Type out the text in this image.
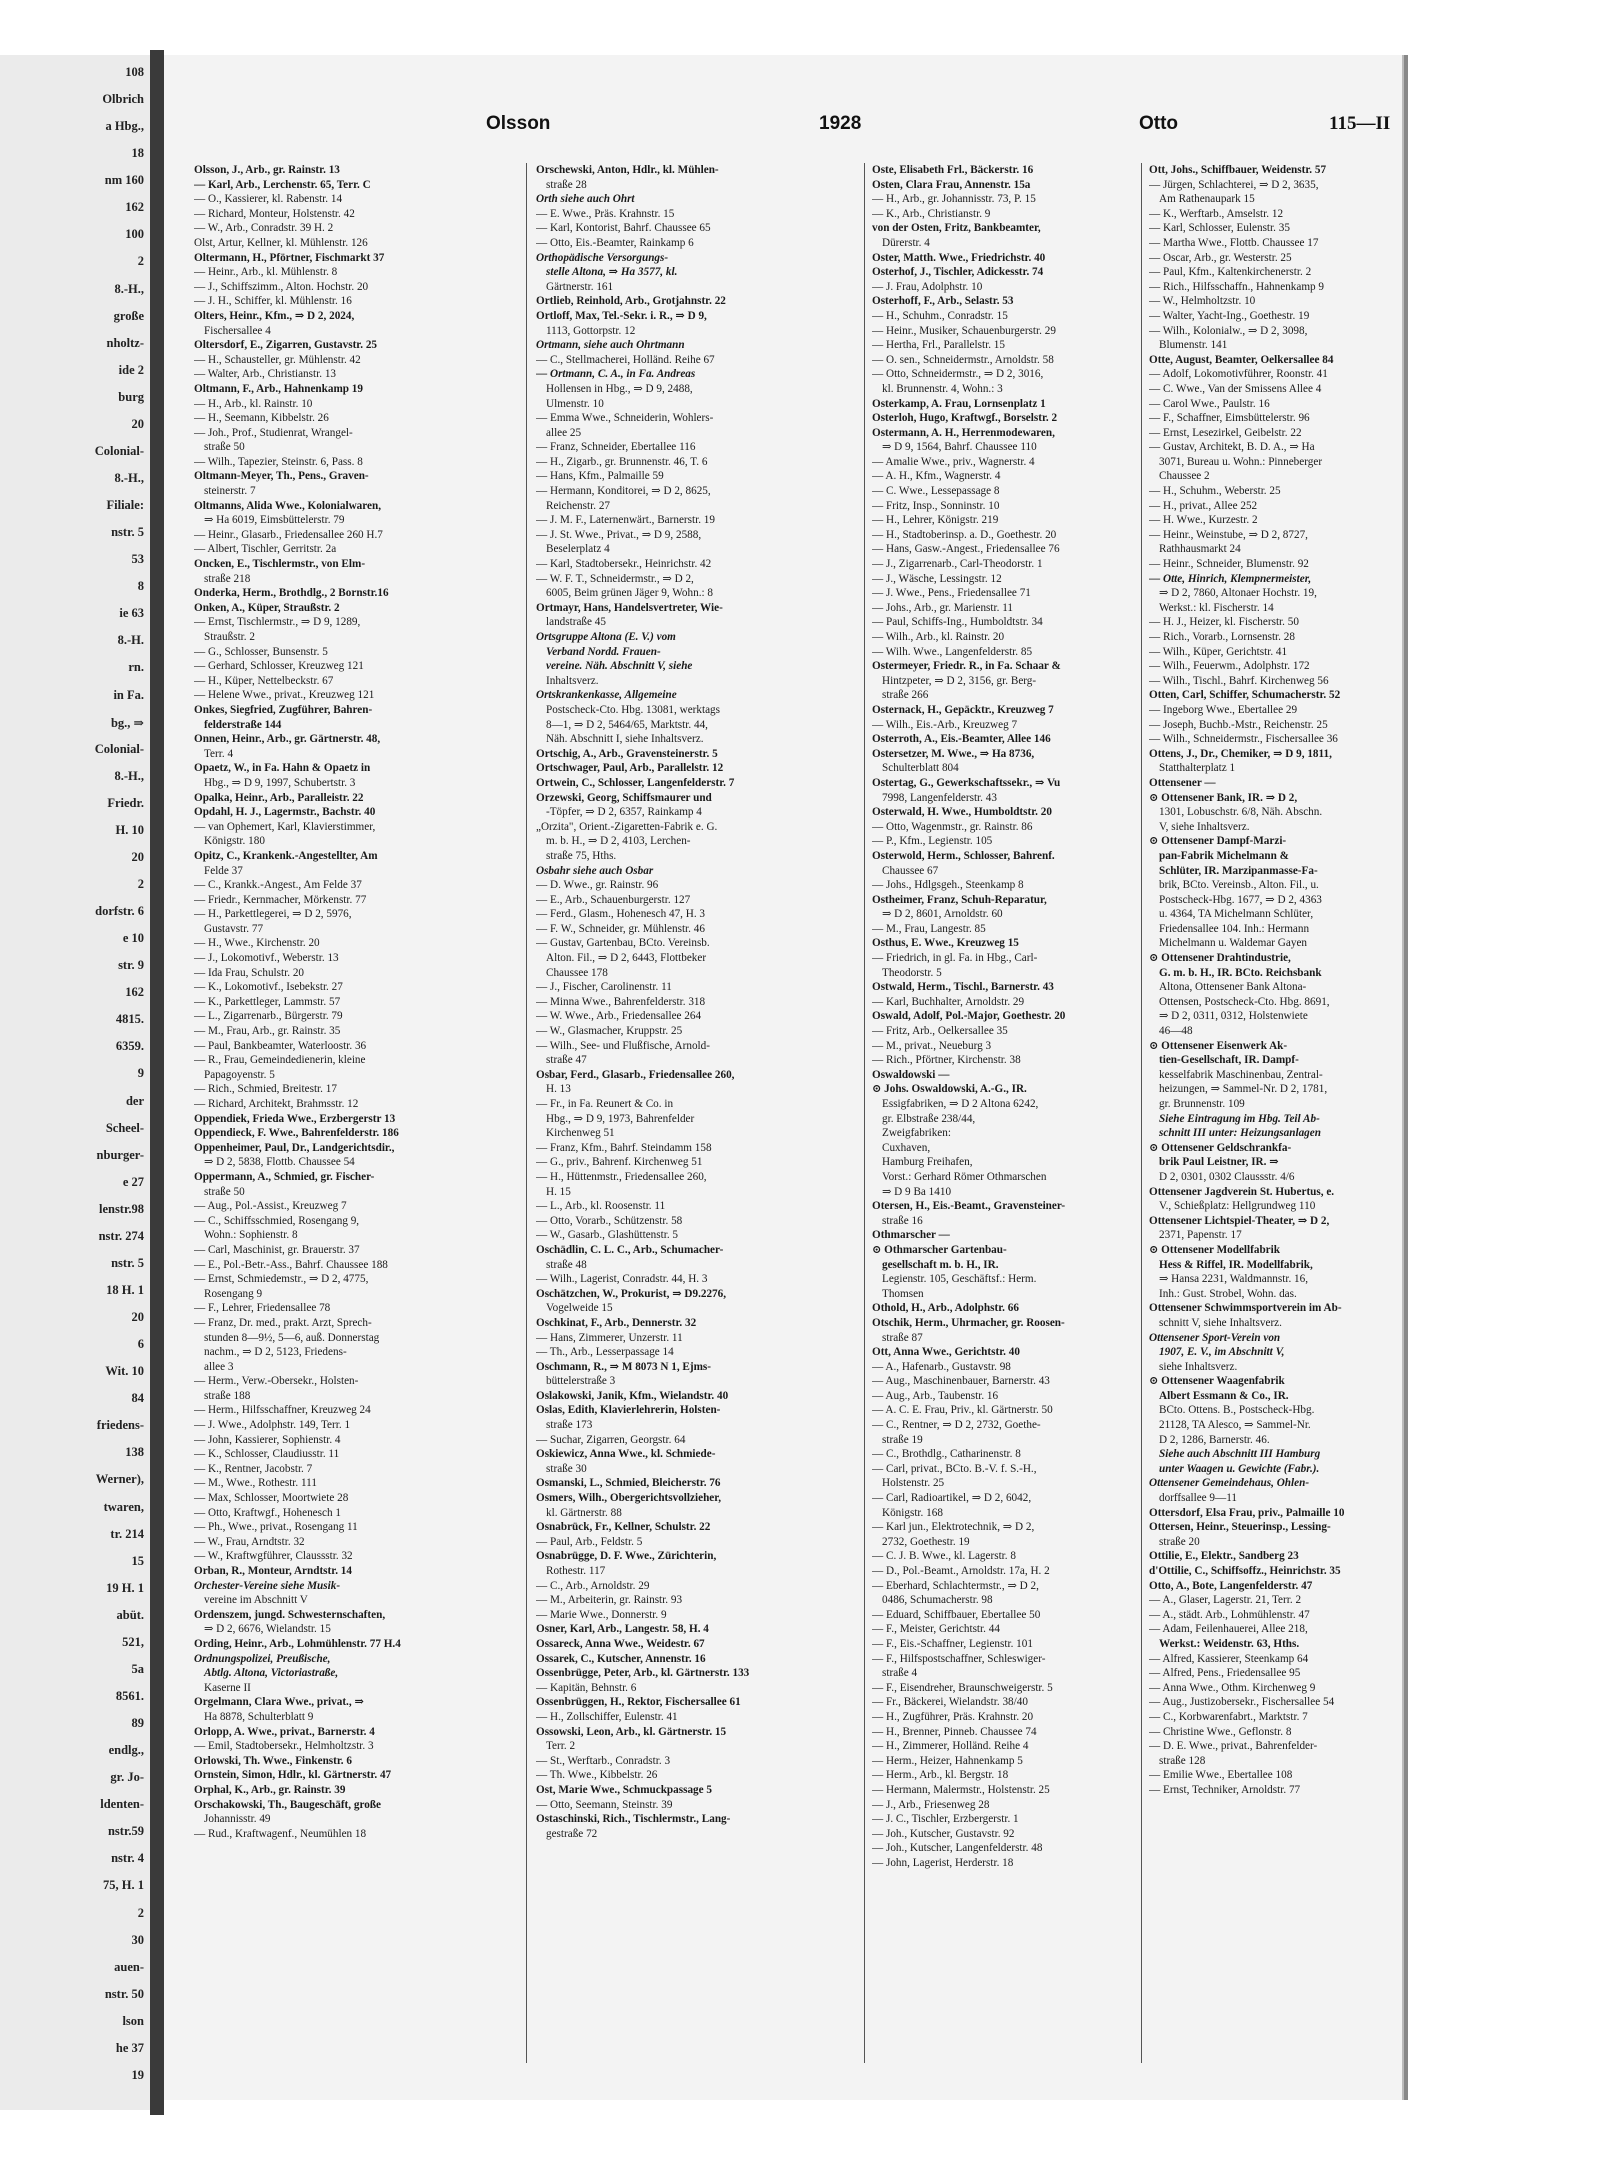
108
Olbrich
a Hbg.,
18
nm 160
162
100
2
8.-H.,
große
nholtz-
ide 2
burg
20
Colonial-
8.-H.,
Filiale:
nstr. 5
53
8
ie 63
8.-H.
rn.
in Fa.
bg., ⇒
Colonial-
8.-H.,
Friedr.
H. 10
20
2
dorfstr. 6
e 10
str. 9
162
4815.
6359.
9
der
Scheel-
nburger-
e 27
lenstr.98
nstr. 274
nstr. 5
18 H. 1
20
6
Wit. 10
84
friedens-
138
Werner),
twaren,
tr. 214
15
19 H. 1
abüt.
521,
5a
8561.
89
endlg.,
gr. Jo-
ldenten-
nstr.59
nstr. 4
75, H. 1
2
30
auen-
nstr. 50
lson
he 37
19
Olsson	1928	Otto	115—II
Olsson, J., Arb., gr. Rainstr. 13
— Karl, Arb., Lerchenstr. 65, Terr. C
— O., Kassierer, kl. Rabenstr. 14
— Richard, Monteur, Holstenstr. 42
— W., Arb., Conradstr. 39 H. 2
Olst, Artur, Kellner, kl. Mühlenstr. 126
Oltermann, H., Pförtner, Fischmarkt 37
— Heinr., Arb., kl. Mühlenstr. 8
— J., Schiffszimm., Alton. Hochstr. 20
— J. H., Schiffer, kl. Mühlenstr. 16
Olters, Heinr., Kfm., ⇒ D 2, 2024,
Fischersallee 4
Oltersdorf, E., Zigarren, Gustavstr. 25
— H., Schausteller, gr. Mühlenstr. 42
— Walter, Arb., Christianstr. 13
Oltmann, F., Arb., Hahnenkamp 19
— H., Arb., kl. Rainstr. 10
— H., Seemann, Kibbelstr. 26
— Joh., Prof., Studienrat, Wrangel-
straße 50
— Wilh., Tapezier, Steinstr. 6, Pass. 8
Oltmann-Meyer, Th., Pens., Graven-
steinerstr. 7
Oltmanns, Alida Wwe., Kolonialwaren,
⇒ Ha 6019, Eimsbüttelerstr. 79
— Heinr., Glasarb., Friedensallee 260 H.7
— Albert, Tischler, Gerritstr. 2a
Oncken, E., Tischlermstr., von Elm-
straße 218
Onderka, Herm., Brothdlg., 2 Bornstr.16
Onken, A., Küper, Straußstr. 2
— Ernst, Tischlermstr., ⇒ D 9, 1289,
Straußstr. 2
— G., Schlosser, Bunsenstr. 5
— Gerhard, Schlosser, Kreuzweg 121
— H., Küper, Nettelbeckstr. 67
— Helene Wwe., privat., Kreuzweg 121
Onkes, Siegfried, Zugführer, Bahren-
felderstraße 144
Onnen, Heinr., Arb., gr. Gärtnerstr. 48,
Terr. 4
Opaetz, W., in Fa. Hahn & Opaetz in
Hbg., ⇒ D 9, 1997, Schubertstr. 3
Opalka, Heinr., Arb., Paralleistr. 22
Opdahl, H. J., Lagermstr., Bachstr. 40
— van Ophemert, Karl, Klavierstimmer,
Königstr. 180
Opitz, C., Krankenk.-Angestellter, Am
Felde 37
— C., Krankk.-Angest., Am Felde 37
— Friedr., Kernmacher, Mörkenstr. 77
— H., Parkettlegerei, ⇒ D 2, 5976,
Gustavstr. 77
— H., Wwe., Kirchenstr. 20
— J., Lokomotivf., Weberstr. 13
— Ida Frau, Schulstr. 20
— K., Lokomotivf., Isebekstr. 27
— K., Parkettleger, Lammstr. 57
— L., Zigarrenarb., Bürgerstr. 79
— M., Frau, Arb., gr. Rainstr. 35
— Paul, Bankbeamter, Waterloostr. 36
— R., Frau, Gemeindedienerin, kleine
Papagoyenstr. 5
— Rich., Schmied, Breitestr. 17
— Richard, Architekt, Brahmsstr. 12
Oppendiek, Frieda Wwe., Erzbergerstr 13
Oppendieck, F. Wwe., Bahrenfelderstr. 186
Oppenheimer, Paul, Dr., Landgerichtsdir.,
⇒ D 2, 5838, Flottb. Chaussee 54
Oppermann, A., Schmied, gr. Fischer-
straße 50
— Aug., Pol.-Assist., Kreuzweg 7
— C., Schiffsschmied, Rosengang 9,
Wohn.: Sophienstr. 8
— Carl, Maschinist, gr. Brauerstr. 37
— E., Pol.-Betr.-Ass., Bahrf. Chaussee 188
— Ernst, Schmiedemstr., ⇒ D 2, 4775,
Rosengang 9
— F., Lehrer, Friedensallee 78
— Franz, Dr. med., prakt. Arzt, Sprech-
stunden 8—9½, 5—6, auß. Donnerstag
nachm., ⇒ D 2, 5123, Friedens-
allee 3
— Herm., Verw.-Obersekr., Holsten-
straße 188
— Herm., Hilfsschaffner, Kreuzweg 24
— J. Wwe., Adolphstr. 149, Terr. 1
— John, Kassierer, Sophienstr. 4
— K., Schlosser, Claudiusstr. 11
— K., Rentner, Jacobstr. 7
— M., Wwe., Rothestr. 111
— Max, Schlosser, Moortwiete 28
— Otto, Kraftwgf., Hohenesch 1
— Ph., Wwe., privat., Rosengang 11
— W., Frau, Arndtstr. 32
— W., Kraftwgführer, Claussstr. 32
Orban, R., Monteur, Arndtstr. 14
Orchester-Vereine siehe Musik-
vereine im Abschnitt V
Ordenszem, jungd. Schwesternschaften,
⇒ D 2, 6676, Wielandstr. 15
Ording, Heinr., Arb., Lohmühlenstr. 77 H.4
Ordnungspolizei, Preußische,
Abtlg. Altona, Victoriastraße,
Kaserne II
Orgelmann, Clara Wwe., privat., ⇒
Ha 8878, Schulterblatt 9
Orlopp, A. Wwe., privat., Barnerstr. 4
— Emil, Stadtobersekr., Helmholtzstr. 3
Orlowski, Th. Wwe., Finkenstr. 6
Ornstein, Simon, Hdlr., kl. Gärtnerstr. 47
Orphal, K., Arb., gr. Rainstr. 39
Orschakowski, Th., Baugeschäft, große
Johannisstr. 49
— Rud., Kraftwagenf., Neumühlen 18
Orschewski, Anton, Hdlr., kl. Mühlen-
straße 28
Orth siehe auch Ohrt
— E. Wwe., Präs. Krahnstr. 15
— Karl, Kontorist, Bahrf. Chaussee 65
— Otto, Eis.-Beamter, Rainkamp 6
Orthopädische Versorgungs-
stelle Altona, ⇒ Ha 3577, kl.
Gärtnerstr. 161
Ortlieb, Reinhold, Arb., Grotjahnstr. 22
Ortloff, Max, Tel.-Sekr. i. R., ⇒ D 9,
1113, Gottorpstr. 12
Ortmann, siehe auch Ohrtmann
— C., Stellmacherei, Holländ. Reihe 67
— Ortmann, C. A., in Fa. Andreas
Hollensen in Hbg., ⇒ D 9, 2488,
Ulmenstr. 10
— Emma Wwe., Schneiderin, Wohlers-
allee 25
— Franz, Schneider, Ebertallee 116
— H., Zigarb., gr. Brunnenstr. 46, T. 6
— Hans, Kfm., Palmaille 59
— Hermann, Konditorei, ⇒ D 2, 8625,
Reichenstr. 27
— J. M. F., Laternenwärt., Barnerstr. 19
— J. St. Wwe., Privat., ⇒ D 9, 2588,
Beselerplatz 4
— Karl, Stadtobersekr., Heinrichstr. 42
— W. F. T., Schneidermstr., ⇒ D 2,
6005, Beim grünen Jäger 9, Wohn.: 8
Ortmayr, Hans, Handelsvertreter, Wie-
landstraße 45
Ortsgruppe Altona (E. V.) vom
Verband Nordd. Frauen-
vereine. Näh. Abschnitt V, siehe
Inhaltsverz.
Ortskrankenkasse, Allgemeine
Postscheck-Cto. Hbg. 13081, werktags
8—1, ⇒ D 2, 5464/65, Marktstr. 44,
Näh. Abschnitt I, siehe Inhaltsverz.
Ortschig, A., Arb., Gravensteinerstr. 5
Ortschwager, Paul, Arb., Parallelstr. 12
Ortwein, C., Schlosser, Langenfelderstr. 7
Orzewski, Georg, Schiffsmaurer und
-Töpfer, ⇒ D 2, 6357, Rainkamp 4
„Orzita", Orient.-Zigaretten-Fabrik e. G.
m. b. H., ⇒ D 2, 4103, Lerchen-
straße 75, Hths.
Osbahr siehe auch Osbar
— D. Wwe., gr. Rainstr. 96
— E., Arb., Schauenburgerstr. 127
— Ferd., Glasm., Hohenesch 47, H. 3
— F. W., Schneider, gr. Mühlenstr. 46
— Gustav, Gartenbau, BCto. Vereinsb.
Alton. Fil., ⇒ D 2, 6443, Flottbeker
Chaussee 178
— J., Fischer, Carolinenstr. 11
— Minna Wwe., Bahrenfelderstr. 318
— W. Wwe., Arb., Friedensallee 264
— W., Glasmacher, Kruppstr. 25
— Wilh., See- und Flußfische, Arnold-
straße 47
Osbar, Ferd., Glasarb., Friedensallee 260,
H. 13
— Fr., in Fa. Reunert & Co. in
Hbg., ⇒ D 9, 1973, Bahrenfelder
Kirchenweg 51
— Franz, Kfm., Bahrf. Steindamm 158
— G., priv., Bahrenf. Kirchenweg 51
— H., Hüttenmstr., Friedensallee 260,
H. 15
— L., Arb., kl. Roosenstr. 11
— Otto, Vorarb., Schützenstr. 58
— W., Gasarb., Glashüttenstr. 5
Oschädlin, C. L. C., Arb., Schumacher-
straße 48
— Wilh., Lagerist, Conradstr. 44, H. 3
Oschätzchen, W., Prokurist, ⇒ D9.2276,
Vogelweide 15
Oschkinat, F., Arb., Dennerstr. 32
— Hans, Zimmerer, Unzerstr. 11
— Th., Arb., Lesserpassage 14
Oschmann, R., ⇒ M 8073 N 1, Ejms-
büttelerstraße 3
Oslakowski, Janik, Kfm., Wielandstr. 40
Oslas, Edith, Klavierlehrerin, Holsten-
straße 173
— Suchar, Zigarren, Georgstr. 64
Oskiewicz, Anna Wwe., kl. Schmiede-
straße 30
Osmanski, L., Schmied, Bleicherstr. 76
Osmers, Wilh., Obergerichtsvollzieher,
kl. Gärtnerstr. 88
Osnabrück, Fr., Kellner, Schulstr. 22
— Paul, Arb., Feldstr. 5
Osnabrügge, D. F. Wwe., Zürichterin,
Rothestr. 117
— C., Arb., Arnoldstr. 29
— M., Arbeiterin, gr. Rainstr. 93
— Marie Wwe., Donnerstr. 9
Osner, Karl, Arb., Langestr. 58, H. 4
Ossareck, Anna Wwe., Weidestr. 67
Ossarek, C., Kutscher, Annenstr. 16
Ossenbrügge, Peter, Arb., kl. Gärtnerstr. 133
— Kapitän, Behnstr. 6
Ossenbrüggen, H., Rektor, Fischersallee 61
— H., Zollschiffer, Eulenstr. 41
Ossowski, Leon, Arb., kl. Gärtnerstr. 15
Terr. 2
— St., Werftarb., Conradstr. 3
— Th. Wwe., Kibbelstr. 26
Ost, Marie Wwe., Schmuckpassage 5
— Otto, Seemann, Steinstr. 39
Ostaschinski, Rich., Tischlermstr., Lang-
gestraße 72
Oste, Elisabeth Frl., Bäckerstr. 16
Osten, Clara Frau, Annenstr. 15a
— H., Arb., gr. Johannisstr. 73, P. 15
— K., Arb., Christianstr. 9
von der Osten, Fritz, Bankbeamter,
Dürerstr. 4
Oster, Matth. Wwe., Friedrichstr. 40
Osterhof, J., Tischler, Adickesstr. 74
— J. Frau, Adolphstr. 10
Osterhoff, F., Arb., Selastr. 53
— H., Schuhm., Conradstr. 15
— Heinr., Musiker, Schauenburgerstr. 29
— Hertha, Frl., Parallelstr. 15
— O. sen., Schneidermstr., Arnoldstr. 58
— Otto, Schneidermstr., ⇒ D 2, 3016,
kl. Brunnenstr. 4, Wohn.: 3
Osterkamp, A. Frau, Lornsenplatz 1
Osterloh, Hugo, Kraftwgf., Borselstr. 2
Ostermann, A. H., Herrenmodewaren,
⇒ D 9, 1564, Bahrf. Chaussee 110
— Amalie Wwe., priv., Wagnerstr. 4
— A. H., Kfm., Wagnerstr. 4
— C. Wwe., Lessepassage 8
— Fritz, Insp., Sonninstr. 10
— H., Lehrer, Königstr. 219
— H., Stadtoberinsp. a. D., Goethestr. 20
— Hans, Gasw.-Angest., Friedensallee 76
— J., Zigarrenarb., Carl-Theodorstr. 1
— J., Wäsche, Lessingstr. 12
— J. Wwe., Pens., Friedensallee 71
— Johs., Arb., gr. Marienstr. 11
— Paul, Schiffs-Ing., Humboldtstr. 34
— Wilh., Arb., kl. Rainstr. 20
— Wilh. Wwe., Langenfelderstr. 85
Ostermeyer, Friedr. R., in Fa. Schaar &
Hintzpeter, ⇒ D 2, 3156, gr. Berg-
straße 266
Osternack, H., Gepäcktr., Kreuzweg 7
— Wilh., Eis.-Arb., Kreuzweg 7
Osterroth, A., Eis.-Beamter, Allee 146
Ostersetzer, M. Wwe., ⇒ Ha 8736,
Schulterblatt 804
Ostertag, G., Gewerkschaftssekr., ⇒ Vu
7998, Langenfelderstr. 43
Osterwald, H. Wwe., Humboldtstr. 20
— Otto, Wagenmstr., gr. Rainstr. 86
— P., Kfm., Legienstr. 105
Osterwold, Herm., Schlosser, Bahrenf.
Chaussee 67
— Johs., Hdlgsgeh., Steenkamp 8
Ostheimer, Franz, Schuh-Reparatur,
⇒ D 2, 8601, Arnoldstr. 60
— M., Frau, Langestr. 85
Osthus, E. Wwe., Kreuzweg 15
— Friedrich, in gl. Fa. in Hbg., Carl-
Theodorstr. 5
Ostwald, Herm., Tischl., Barnerstr. 43
— Karl, Buchhalter, Arnoldstr. 29
Oswald, Adolf, Pol.-Major, Goethestr. 20
— Fritz, Arb., Oelkersallee 35
— M., privat., Neueburg 3
— Rich., Pförtner, Kirchenstr. 38
Oswaldowski —
⊙ Johs. Oswaldowski, A.-G., IR.
Essigfabriken, ⇒ D 2 Altona 6242,
gr. Elbstraße 238/44,
Zweigfabriken:
Cuxhaven,
Hamburg Freihafen,
Vorst.: Gerhard Römer Othmarschen
⇒ D 9 Ba 1410
Otersen, H., Eis.-Beamt., Gravensteiner-
straße 16
Othmarscher —
⊙ Othmarscher Gartenbau-
gesellschaft m. b. H., IR.
Legienstr. 105, Geschäftsf.: Herm.
Thomsen
Othold, H., Arb., Adolphstr. 66
Otschik, Herm., Uhrmacher, gr. Roosen-
straße 87
Ott, Anna Wwe., Gerichtstr. 40
— A., Hafenarb., Gustavstr. 98
— Aug., Maschinenbauer, Barnerstr. 43
— Aug., Arb., Taubenstr. 16
— A. C. E. Frau, Priv., kl. Gärtnerstr. 50
— C., Rentner, ⇒ D 2, 2732, Goethe-
straße 19
— C., Brothdlg., Catharinenstr. 8
— Carl, privat., BCto. B.-V. f. S.-H.,
Holstenstr. 25
— Carl, Radioartikel, ⇒ D 2, 6042,
Königstr. 168
— Karl jun., Elektrotechnik, ⇒ D 2,
2732, Goethestr. 19
— C. J. B. Wwe., kl. Lagerstr. 8
— D., Pol.-Beamt., Arnoldstr. 17a, H. 2
— Eberhard, Schlachtermstr., ⇒ D 2,
0486, Schumacherstr. 98
— Eduard, Schiffbauer, Ebertallee 50
— F., Meister, Gerichtstr. 44
— F., Eis.-Schaffner, Legienstr. 101
— F., Hilfspostschaffner, Schleswiger-
straße 4
— F., Eisendreher, Braunschweigerstr. 5
— Fr., Bäckerei, Wielandstr. 38/40
— H., Zugführer, Präs. Krahnstr. 20
— H., Brenner, Pinneb. Chaussee 74
— H., Zimmerer, Holländ. Reihe 4
— Herm., Heizer, Hahnenkamp 5
— Herm., Arb., kl. Bergstr. 18
— Hermann, Malermstr., Holstenstr. 25
— J., Arb., Friesenweg 28
— J. C., Tischler, Erzbergerstr. 1
— Joh., Kutscher, Gustavstr. 92
— Joh., Kutscher, Langenfelderstr. 48
— John, Lagerist, Herderstr. 18
Ott, Johs., Schiffbauer, Weidenstr. 57
— Jürgen, Schlachterei, ⇒ D 2, 3635,
Am Rathenaupark 15
— K., Werftarb., Amselstr. 12
— Karl, Schlosser, Eulenstr. 35
— Martha Wwe., Flottb. Chaussee 17
— Oscar, Arb., gr. Westerstr. 25
— Paul, Kfm., Kaltenkirchenerstr. 2
— Rich., Hilfsschaffn., Hahnenkamp 9
— W., Helmholtzstr. 10
— Walter, Yacht-Ing., Goethestr. 19
— Wilh., Kolonialw., ⇒ D 2, 3098,
Blumenstr. 141
Otte, August, Beamter, Oelkersallee 84
— Adolf, Lokomotivführer, Roonstr. 41
— C. Wwe., Van der Smissens Allee 4
— Carol Wwe., Paulstr. 16
— F., Schaffner, Eimsbüttelerstr. 96
— Ernst, Lesezirkel, Geibelstr. 22
— Gustav, Architekt, B. D. A., ⇒ Ha
3071, Bureau u. Wohn.: Pinneberger
Chaussee 2
— H., Schuhm., Weberstr. 25
— H., privat., Allee 252
— H. Wwe., Kurzestr. 2
— Heinr., Weinstube, ⇒ D 2, 8727,
Rathhausmarkt 24
— Heinr., Schneider, Blumenstr. 92
— Otte, Hinrich, Klempnermeister,
⇒ D 2, 7860, Altonaer Hochstr. 19,
Werkst.: kl. Fischerstr. 14
— H. J., Heizer, kl. Fischerstr. 50
— Rich., Vorarb., Lornsenstr. 28
— Wilh., Küper, Gerichtstr. 41
— Wilh., Feuerwm., Adolphstr. 172
— Wilh., Tischl., Bahrf. Kirchenweg 56
Otten, Carl, Schiffer, Schumacherstr. 52
— Ingeborg Wwe., Ebertallee 29
— Joseph, Buchb.-Mstr., Reichenstr. 25
— Wilh., Schneidermstr., Fischersallee 36
Ottens, J., Dr., Chemiker, ⇒ D 9, 1811,
Statthalterplatz 1
Ottensener —
⊙ Ottensener Bank, IR. ⇒ D 2,
1301, Lobuschstr. 6/8, Näh. Abschn.
V, siehe Inhaltsverz.
⊙ Ottensener Dampf-Marzi-
pan-Fabrik Michelmann &
Schlüter, IR. Marzipanmasse-Fa-
brik, BCto. Vereinsb., Alton. Fil., u.
Postscheck-Hbg. 1677, ⇒ D 2, 4363
u. 4364, TA Michelmann Schlüter,
Friedensallee 104. Inh.: Hermann
Michelmann u. Waldemar Gayen
⊙ Ottensener Drahtindustrie,
G. m. b. H., IR. BCto. Reichsbank
Altona, Ottensener Bank Altona-
Ottensen, Postscheck-Cto. Hbg. 8691,
⇒ D 2, 0311, 0312, Holstenwiete
46—48
⊙ Ottensener Eisenwerk Ak-
tien-Gesellschaft, IR. Dampf-
kesselfabrik Maschinenbau, Zentral-
heizungen, ⇒ Sammel-Nr. D 2, 1781,
gr. Brunnenstr. 109
Siehe Eintragung im Hbg. Teil Ab-
schnitt III unter: Heizungsanlagen
⊙ Ottensener Geldschrankfa-
brik Paul Leistner, IR. ⇒
D 2, 0301, 0302 Claussstr. 4/6
Ottensener Jagdverein St. Hubertus, e.
V., Schießplatz: Hellgrundweg 110
Ottensener Lichtspiel-Theater, ⇒ D 2,
2371, Papenstr. 17
⊙ Ottensener Modellfabrik
Hess & Riffel, IR. Modellfabrik,
⇒ Hansa 2231, Waldmannstr. 16,
Inh.: Gust. Strobel, Wohn. das.
Ottensener Schwimmsportverein im Ab-
schnitt V, siehe Inhaltsverz.
Ottensener Sport-Verein von
1907, E. V., im Abschnitt V,
siehe Inhaltsverz.
⊙ Ottensener Waagenfabrik
Albert Essmann & Co., IR.
BCto. Ottens. B., Postscheck-Hbg.
21128, TA Alesco, ⇒ Sammel-Nr.
D 2, 1286, Barnerstr. 46.
Siehe auch Abschnitt III Hamburg
unter Waagen u. Gewichte (Fabr.).
Ottensener Gemeindehaus, Ohlen-
dorffsallee 9—11
Ottersdorf, Elsa Frau, priv., Palmaille 10
Ottersen, Heinr., Steuerinsp., Lessing-
straße 20
Ottilie, E., Elektr., Sandberg 23
d'Ottilie, C., Schiffsoffz., Heinrichstr. 35
Otto, A., Bote, Langenfelderstr. 47
— A., Glaser, Lagerstr. 21, Terr. 2
— A., städt. Arb., Lohmühlenstr. 47
— Adam, Feilenhauerei, Allee 218,
Werkst.: Weidenstr. 63, Hths.
— Alfred, Kassierer, Steenkamp 64
— Alfred, Pens., Friedensallee 95
— Anna Wwe., Othm. Kirchenweg 9
— Aug., Justizobersekr., Fischersallee 54
— C., Korbwarenfabrt., Marktstr. 7
— Christine Wwe., Geflonstr. 8
— D. E. Wwe., privat., Bahrenfelder-
straße 128
— Emilie Wwe., Ebertallee 108
— Ernst, Techniker, Arnoldstr. 77
